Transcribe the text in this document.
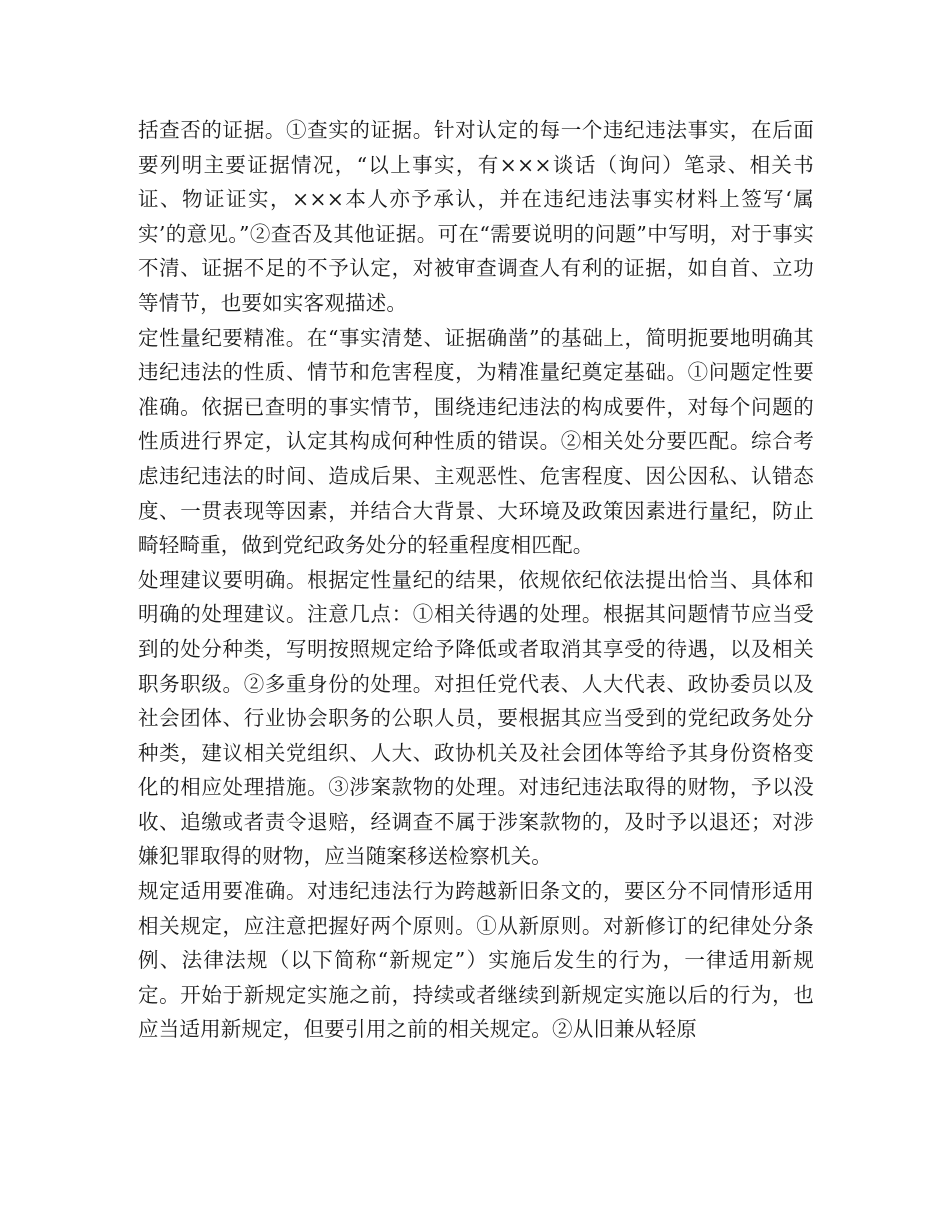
括查否的证据。①查实的证据。针对认定的每一个违纪违法事实，在后面要列明主要证据情况，“以上事实，有×××谈话（询问）笔录、相关书证、物证证实，×××本人亦予承认，并在违纪违法事实材料上签写‘属实’的意见。”②查否及其他证据。可在“需要说明的问题”中写明，对于事实不清、证据不足的不予认定，对被审查调查人有利的证据，如自首、立功等情节，也要如实客观描述。

定性量纪要精准。在“事实清楚、证据确凿”的基础上，简明扼要地明确其违纪违法的性质、情节和危害程度，为精准量纪奠定基础。①问题定性要准确。依据已查明的事实情节，围绕违纪违法的构成要件，对每个问题的性质进行界定，认定其构成何种性质的错误。②相关处分要匹配。综合考虑违纪违法的时间、造成后果、主观恶性、危害程度、因公因私、认错态度、一贯表现等因素，并结合大背景、大环境及政策因素进行量纪，防止畸轻畸重，做到党纪政务处分的轻重程度相匹配。

处理建议要明确。根据定性量纪的结果，依规依纪依法提出恰当、具体和明确的处理建议。注意几点：①相关待遇的处理。根据其问题情节应当受到的处分种类，写明按照规定给予降低或者取消其享受的待遇，以及相关职务职级。②多重身份的处理。对担任党代表、人大代表、政协委员以及社会团体、行业协会职务的公职人员，要根据其应当受到的党纪政务处分种类，建议相关党组织、人大、政协机关及社会团体等给予其身份资格变化的相应处理措施。③涉案款物的处理。对违纪违法取得的财物，予以没收、追缴或者责令退赔，经调查不属于涉案款物的，及时予以退还；对涉嫌犯罪取得的财物，应当随案移送检察机关。

规定适用要准确。对违纪违法行为跨越新旧条文的，要区分不同情形适用相关规定，应注意把握好两个原则。①从新原则。对新修订的纪律处分条例、法律法规（以下简称“新规定”）实施后发生的行为，一律适用新规定。开始于新规定实施之前，持续或者继续到新规定实施以后的行为，也应当适用新规定，但要引用之前的相关规定。②从旧兼从轻原
